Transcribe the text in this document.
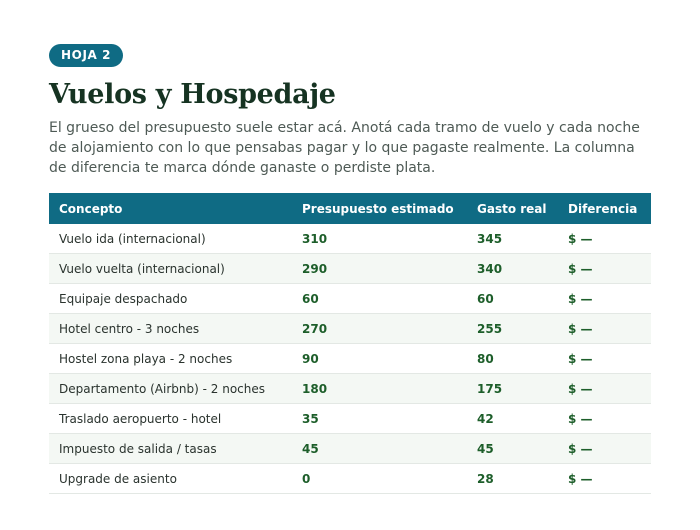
HOJA 2
Vuelos y Hospedaje

El grueso del presupuesto suele estar acá. Anotá cada tramo de vuelo y cada noche de alojamiento con lo que pensabas pagar y lo que pagaste realmente. La columna de diferencia te marca dónde ganaste o perdiste plata.

Concepto	Presupuesto estimado	Gasto real	Diferencia
Vuelo ida (internacional)	310	345	$ —
Vuelo vuelta (internacional)	290	340	$ —
Equipaje despachado	60	60	$ —
Hotel centro - 3 noches	270	255	$ —
Hostel zona playa - 2 noches	90	80	$ —
Departamento (Airbnb) - 2 noches	180	175	$ —
Traslado aeropuerto - hotel	35	42	$ —
Impuesto de salida / tasas	45	45	$ —
Upgrade de asiento	0	28	$ —
